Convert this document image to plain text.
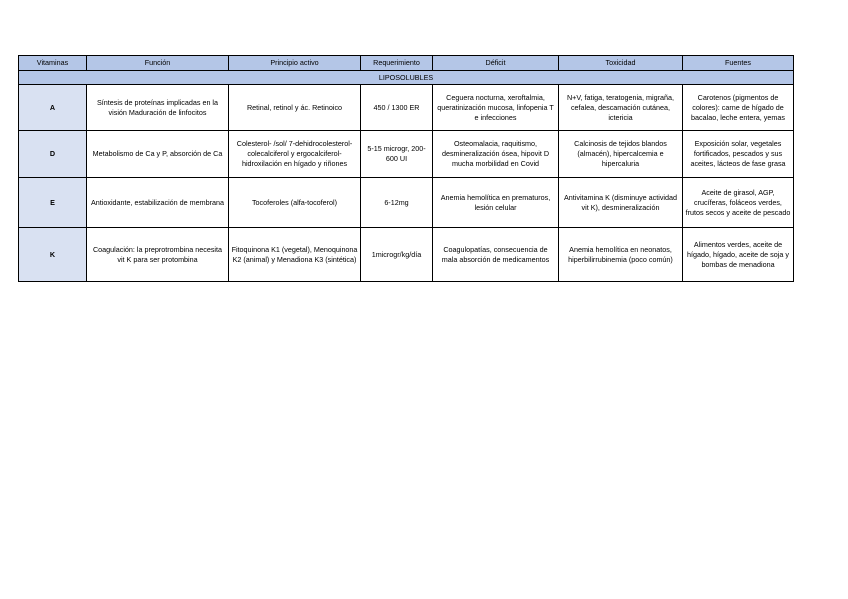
Vitaminas	Función	Principio activo	Requerimiento	Déficit	Toxicidad	Fuentes
LIPOSOLUBLES						
A	Síntesis de proteínas implicadas en la visión Maduración de linfocitos	Retinal, retinol y ác. Retinoico	450 / 1300 ER	Ceguera nocturna, xeroftalmia, queratinización mucosa, linfopenia T e infecciones	N+V, fatiga, teratogenia, migraña, cefalea, descamación cutánea, ictericia	Carotenos (pigmentos de colores): carne de hígado de bacalao, leche entera, yemas
D	Metabolismo de Ca y P, absorción de Ca	Colesterol- /sol/ 7-dehidrocolesterol- colecalciferol y ergocalciferol- hidroxilación en hígado y riñones	5-15 microgr, 200-600 UI	Osteomalacia, raquitismo, desmineralización ósea, hipovit D mucha morbilidad en Covid	Calcinosis de tejidos blandos (almacén), hipercalcemia e hipercaluria	Exposición solar, vegetales fortificados, pescados y sus aceites, lácteos de fase grasa
E	Antioxidante, estabilización de membrana	Tocoferoles (alfa-tocoferol)	6-12mg	Anemia hemolítica en prematuros, lesión celular	Antivitamina K (disminuye actividad vit K), desmineralización	Aceite de girasol, AGP, crucíferas, foláceos verdes, frutos secos y aceite de pescado
K	Coagulación: la preprotrombina necesita vit K para ser protombina	Fitoquinona K1 (vegetal), Menoquinona K2 (animal) y Menadiona K3 (sintética)	1microgr/kg/día	Coagulopatías, consecuencia de mala absorción de medicamentos	Anemia hemolítica en neonatos, hiperbilirrubinemia (poco común)	Alimentos verdes, aceite de hígado, hígado, aceite de soja y bombas de menadiona
